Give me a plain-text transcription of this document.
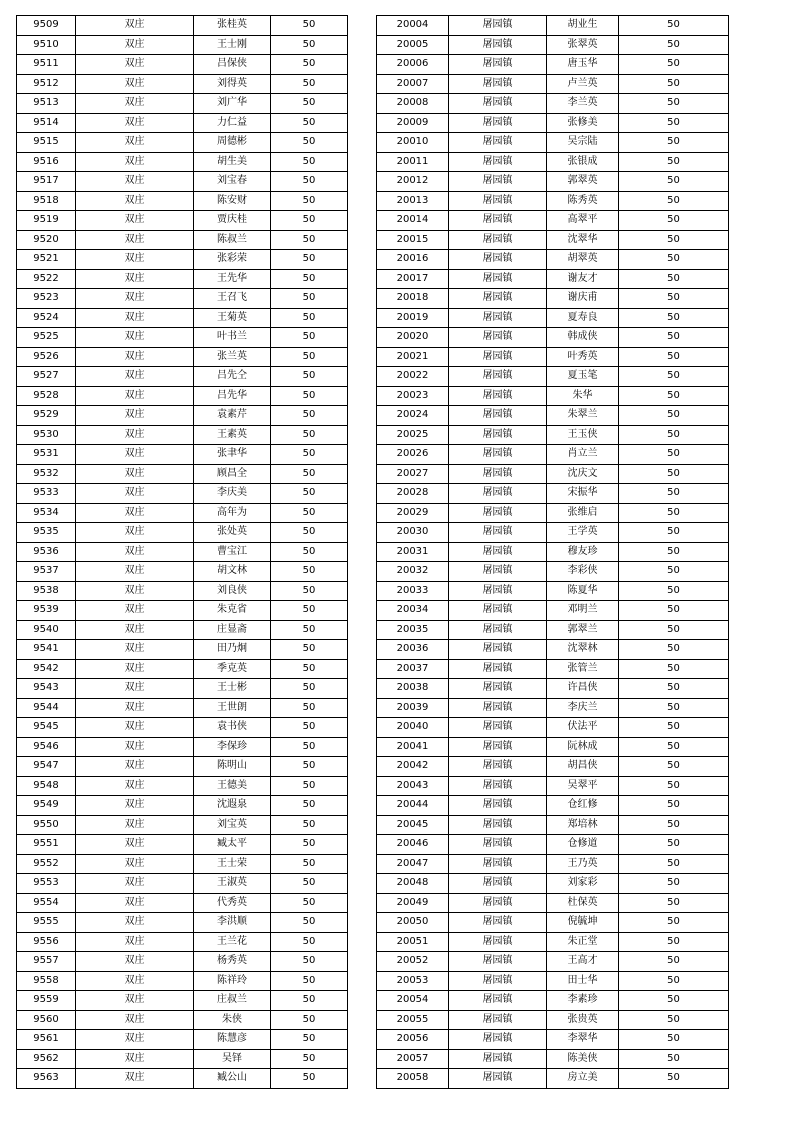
9509	双庄	张桂英	50
9510	双庄	王士刚	50
9511	双庄	吕保侠	50
9512	双庄	刘得英	50
9513	双庄	刘广华	50
9514	双庄	力仁益	50
9515	双庄	周德彬	50
9516	双庄	胡生美	50
9517	双庄	刘宝春	50
9518	双庄	陈安财	50
9519	双庄	贾庆桂	50
9520	双庄	陈叔兰	50
9521	双庄	张彩荣	50
9522	双庄	王先华	50
9523	双庄	王召飞	50
9524	双庄	王菊英	50
9525	双庄	叶书兰	50
9526	双庄	张兰英	50
9527	双庄	吕先仝	50
9528	双庄	吕先华	50
9529	双庄	袁素芹	50
9530	双庄	王素英	50
9531	双庄	张聿华	50
9532	双庄	顾昌全	50
9533	双庄	李庆美	50
9534	双庄	高年为	50
9535	双庄	张处英	50
9536	双庄	曹宝江	50
9537	双庄	胡文林	50
9538	双庄	刘良侠	50
9539	双庄	朱克省	50
9540	双庄	庄显斋	50
9541	双庄	田乃炯	50
9542	双庄	季克英	50
9543	双庄	王士彬	50
9544	双庄	王世朗	50
9545	双庄	袁书侠	50
9546	双庄	李保珍	50
9547	双庄	陈明山	50
9548	双庄	王德美	50
9549	双庄	沈遐泉	50
9550	双庄	刘宝英	50
9551	双庄	臧太平	50
9552	双庄	王士荣	50
9553	双庄	王淑英	50
9554	双庄	代秀英	50
9555	双庄	李洪顺	50
9556	双庄	王兰花	50
9557	双庄	杨秀英	50
9558	双庄	陈祥玲	50
9559	双庄	庄叔兰	50
9560	双庄	朱侠	50
9561	双庄	陈慧彦	50
9562	双庄	吴铎	50
9563	双庄	臧公山	50
20004	屠园镇	胡业生	50
20005	屠园镇	张翠英	50
20006	屠园镇	唐玉华	50
20007	屠园镇	卢兰英	50
20008	屠园镇	李兰英	50
20009	屠园镇	张修美	50
20010	屠园镇	吴宗陆	50
20011	屠园镇	张银成	50
20012	屠园镇	郭翠英	50
20013	屠园镇	陈秀英	50
20014	屠园镇	高翠平	50
20015	屠园镇	沈翠华	50
20016	屠园镇	胡翠英	50
20017	屠园镇	谢友才	50
20018	屠园镇	谢庆甫	50
20019	屠园镇	夏寿良	50
20020	屠园镇	韩成侠	50
20021	屠园镇	叶秀英	50
20022	屠园镇	夏玉笔	50
20023	屠园镇	朱华	50
20024	屠园镇	朱翠兰	50
20025	屠园镇	王玉侠	50
20026	屠园镇	肖立兰	50
20027	屠园镇	沈庆文	50
20028	屠园镇	宋振华	50
20029	屠园镇	张维启	50
20030	屠园镇	王学英	50
20031	屠园镇	穆友珍	50
20032	屠园镇	李彩侠	50
20033	屠园镇	陈夏华	50
20034	屠园镇	邓明兰	50
20035	屠园镇	郭翠兰	50
20036	屠园镇	沈翠林	50
20037	屠园镇	张管兰	50
20038	屠园镇	许昌侠	50
20039	屠园镇	李庆兰	50
20040	屠园镇	伏法平	50
20041	屠园镇	阮林成	50
20042	屠园镇	胡昌侠	50
20043	屠园镇	吴翠平	50
20044	屠园镇	仓红修	50
20045	屠园镇	郑培林	50
20046	屠园镇	仓修道	50
20047	屠园镇	王乃英	50
20048	屠园镇	刘家彩	50
20049	屠园镇	杜保英	50
20050	屠园镇	倪毓坤	50
20051	屠园镇	朱正堂	50
20052	屠园镇	王高才	50
20053	屠园镇	田士华	50
20054	屠园镇	李素珍	50
20055	屠园镇	张贵英	50
20056	屠园镇	李翠华	50
20057	屠园镇	陈美侠	50
20058	屠园镇	房立美	50
